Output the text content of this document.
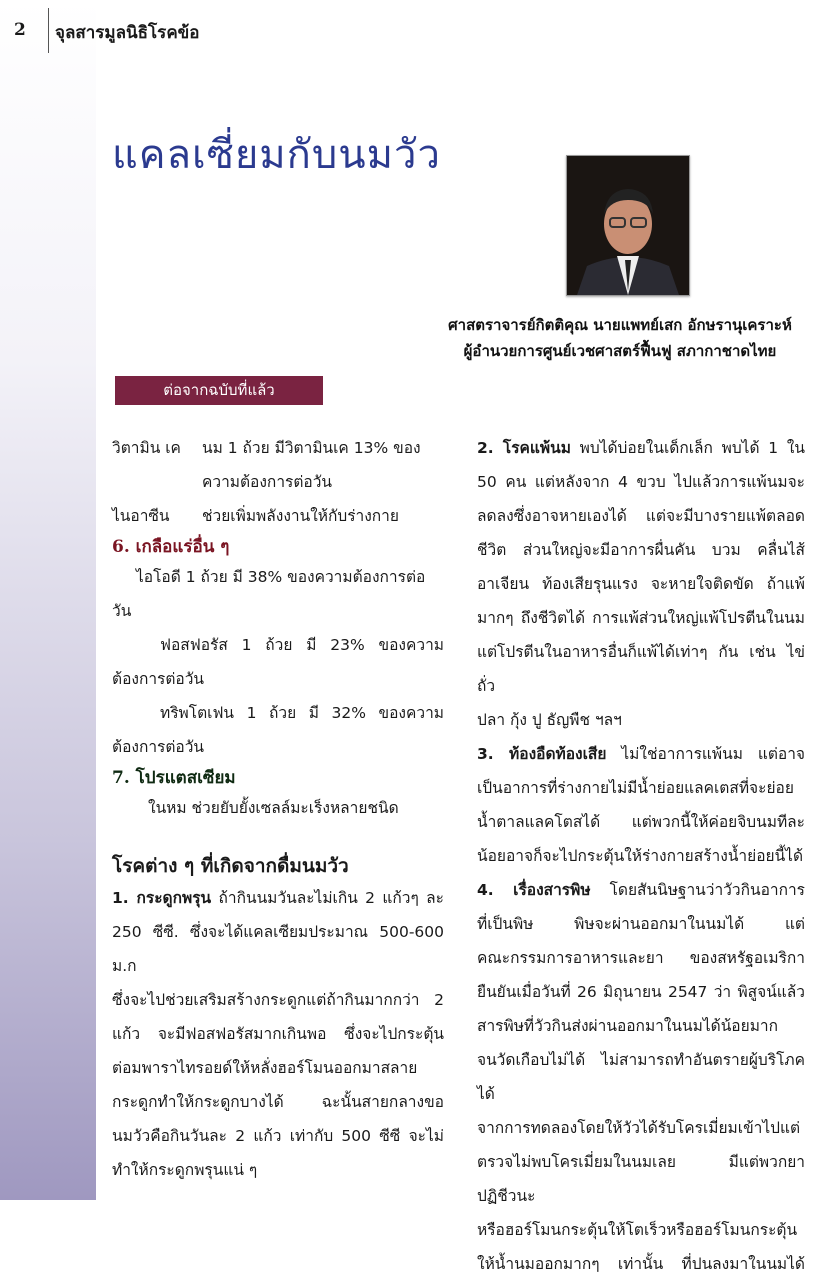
2 จุลสารมูลนิธิโรคข้อ
แคลเซี่ยมกับนมวัว
ศาสตราจารย์กิตติคุณ นายแพทย์เสก อักษรานุเคราะห์
ผู้อำนวยการศูนย์เวชศาสตร์ฟื้นฟู สภากาชาดไทย
ต่อจากฉบับที่แล้ว
วิตามิน เค	นม 1 ถ้วย มีวิตามินเค 13% ของ
ความต้องการต่อวัน
ไนอาซีน	ช่วยเพิ่มพลังงานให้กับร่างกาย
6. เกลือแร่อื่น ๆ
ไอโอดี 1 ถ้วย มี 38% ของความต้องการต่อ
วัน
ฟอสฟอรัส 1 ถ้วย มี 23% ของความ
ต้องการต่อวัน
ทริพโตเฟน 1 ถ้วย มี 32% ของความ
ต้องการต่อวัน
7. โปรแตสเซียม
ในหม ช่วยยับยั้งเซลล์มะเร็งหลายชนิด
โรคต่าง ๆ ที่เกิดจากดื่มนมวัว
1. กระดูกพรุน ถ้ากินนมวันละไม่เกิน 2 แก้วๆ ละ
250 ซีซี. ซึ่งจะได้แคลเซียมประมาณ 500-600 ม.ก
ซึ่งจะไปช่วยเสริมสร้างกระดูกแต่ถ้ากินมากกว่า 2
แก้ว จะมีฟอสฟอรัสมากเกินพอ ซึ่งจะไปกระตุ้น
ต่อมพาราไทรอยด์ให้หลั่งฮอร์โมนออกมาสลาย
กระดูกทำให้กระดูกบางได้ ฉะนั้นสายกลางขอ
นมวัวคือกินวันละ 2 แก้ว เท่ากับ 500 ซีซี จะไม่
ทำให้กระดูกพรุนแน่ ๆ
2. โรคแพ้นม พบได้บ่อยในเด็กเล็ก พบได้ 1 ใน
50 คน แต่หลังจาก 4 ขวบ ไปแล้วการแพ้นมจะ
ลดลงซึ่งอาจหายเองได้ แต่จะมีบางรายแพ้ตลอด
ชีวิต ส่วนใหญ่จะมีอาการผื่นคัน บวม คลื่นไส้
อาเจียน ท้องเสียรุนแรง จะหายใจติดขัด ถ้าแพ้
มากๆ ถึงชีวิตได้ การแพ้ส่วนใหญ่แพ้โปรตีนในนม
แต่โปรตีนในอาหารอื่นก็แพ้ได้เท่าๆ กัน เช่น ไข่ ถั่ว
ปลา กุ้ง ปู ธัญพืช ฯลฯ
3. ท้องอืดท้องเสีย ไม่ใช่อาการแพ้นม แต่อาจ
เป็นอาการที่ร่างกายไม่มีน้ำย่อยแลคเตสที่จะย่อย
น้ำตาลแลคโตสได้ แต่พวกนี้ให้ค่อยจิบนมทีละ
น้อยอาจก็จะไปกระตุ้นให้ร่างกายสร้างน้ำย่อยนี้ได้
4. เรื่องสารพิษ โดยสันนิษฐานว่าวัวกินอาการ
ที่เป็นพิษ พิษจะผ่านออกมาในนมได้ แต่
คณะกรรมการอาหารและยา ของสหรัฐอเมริกา
ยืนยันเมื่อวันที่ 26 มิถุนายน 2547 ว่า พิสูจน์แล้ว
สารพิษที่วัวกินส่งผ่านออกมาในนมได้น้อยมาก
จนวัดเกือบไม่ได้ ไม่สามารถทำอันตรายผู้บริโภคได้
จากการทดลองโดยให้วัวได้รับโครเมี่ยมเข้าไปแต่
ตรวจไม่พบโครเมี่ยมในนมเลย มีแต่พวกยาปฏิชีวนะ
หรือฮอร์โมนกระตุ้นให้โตเร็วหรือฮอร์โมนกระตุ้น
ให้น้ำนมออกมากๆ เท่านั้น ที่ปนลงมาในนมได้
